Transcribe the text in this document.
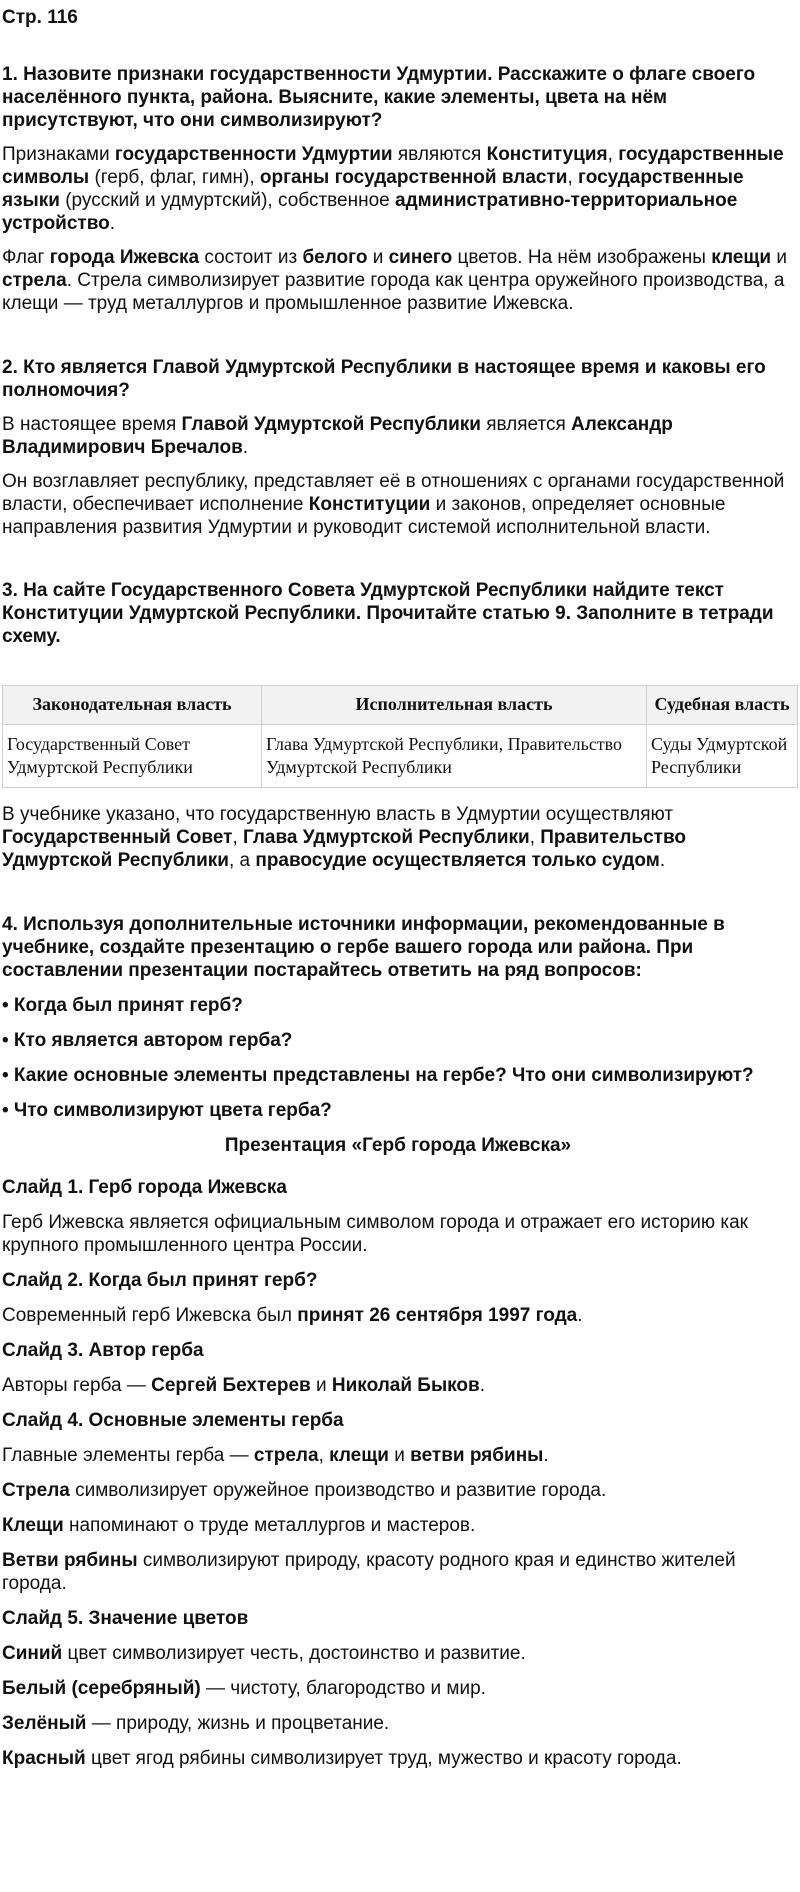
Стр. 116

1. Назовите признаки государственности Удмуртии. Расскажите о флаге своего населённого пункта, района. Выясните, какие элементы, цвета на нём присутствуют, что они символизируют?

Признаками государственности Удмуртии являются Конституция, государственные символы (герб, флаг, гимн), органы государственной власти, государственные языки (русский и удмуртский), собственное административно-территориальное устройство.

Флаг города Ижевска состоит из белого и синего цветов. На нём изображены клещи и стрела. Стрела символизирует развитие города как центра оружейного производства, а клещи — труд металлургов и промышленное развитие Ижевска.

2. Кто является Главой Удмуртской Республики в настоящее время и каковы его полномочия?

В настоящее время Главой Удмуртской Республики является Александр Владимирович Бречалов.

Он возглавляет республику, представляет её в отношениях с органами государственной власти, обеспечивает исполнение Конституции и законов, определяет основные направления развития Удмуртии и руководит системой исполнительной власти.

3. На сайте Государственного Совета Удмуртской Республики найдите текст Конституции Удмуртской Республики. Прочитайте статью 9. Заполните в тетради схему.

Законодательная власть	Исполнительная власть	Судебная власть
Государственный Совет Удмуртской Республики	Глава Удмуртской Республики, Правительство Удмуртской Республики	Суды Удмуртской Республики

В учебнике указано, что государственную власть в Удмуртии осуществляют Государственный Совет, Глава Удмуртской Республики, Правительство Удмуртской Республики, а правосудие осуществляется только судом.

4. Используя дополнительные источники информации, рекомендованные в учебнике, создайте презентацию о гербе вашего города или района. При составлении презентации постарайтесь ответить на ряд вопросов:

• Когда был принят герб?

• Кто является автором герба?

• Какие основные элементы представлены на гербе? Что они символизируют?

• Что символизируют цвета герба?

Презентация «Герб города Ижевска»

Слайд 1. Герб города Ижевска

Герб Ижевска является официальным символом города и отражает его историю как крупного промышленного центра России.

Слайд 2. Когда был принят герб?

Современный герб Ижевска был принят 26 сентября 1997 года.

Слайд 3. Автор герба

Авторы герба — Сергей Бехтерев и Николай Быков.

Слайд 4. Основные элементы герба

Главные элементы герба — стрела, клещи и ветви рябины.

Стрела символизирует оружейное производство и развитие города.

Клещи напоминают о труде металлургов и мастеров.

Ветви рябины символизируют природу, красоту родного края и единство жителей города.

Слайд 5. Значение цветов

Синий цвет символизирует честь, достоинство и развитие.

Белый (серебряный) — чистоту, благородство и мир.

Зелёный — природу, жизнь и процветание.

Красный цвет ягод рябины символизирует труд, мужество и красоту города.
